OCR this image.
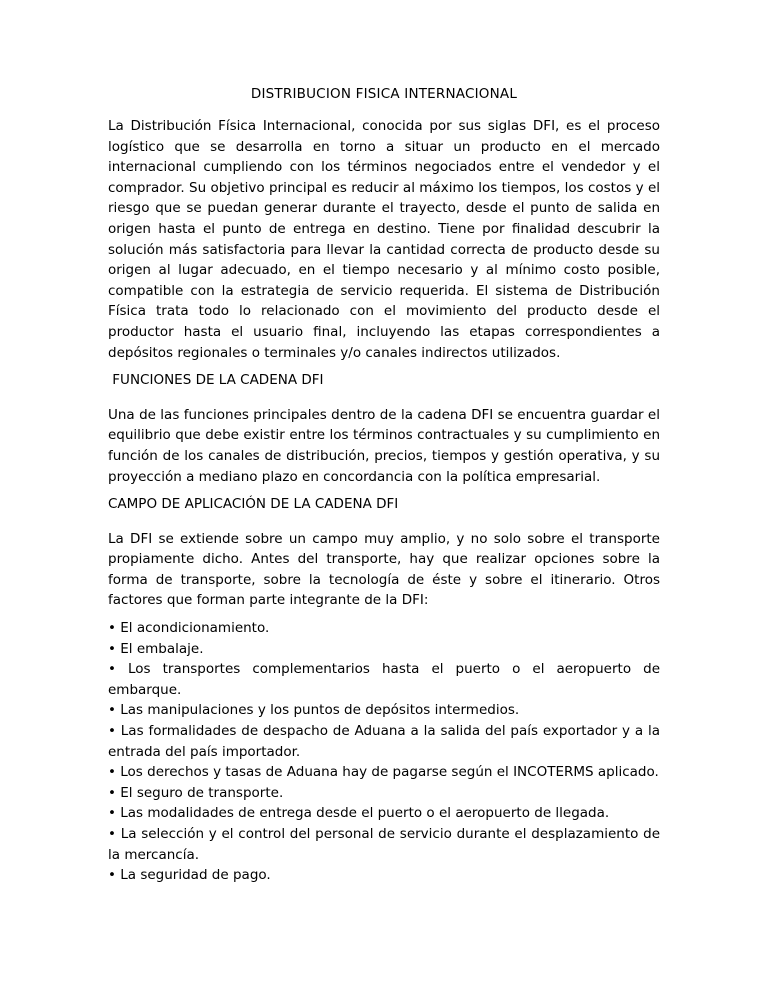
DISTRIBUCION FISICA INTERNACIONAL

La Distribución Física Internacional, conocida por sus siglas DFI, es el proceso logístico que se desarrolla en torno a situar un producto en el mercado internacional cumpliendo con los términos negociados entre el vendedor y el comprador. Su objetivo principal es reducir al máximo los tiempos, los costos y el riesgo que se puedan generar durante el trayecto, desde el punto de salida en origen hasta el punto de entrega en destino. Tiene por finalidad descubrir la solución más satisfactoria para llevar la cantidad correcta de producto desde su origen al lugar adecuado, en el tiempo necesario y al mínimo costo posible, compatible con la estrategia de servicio requerida. El sistema de Distribución Física trata todo lo relacionado con el movimiento del producto desde el productor hasta el usuario final, incluyendo las etapas correspondientes a depósitos regionales o terminales y/o canales indirectos utilizados.

FUNCIONES DE LA CADENA DFI

Una de las funciones principales dentro de la cadena DFI se encuentra guardar el equilibrio que debe existir entre los términos contractuales y su cumplimiento en función de los canales de distribución, precios, tiempos y gestión operativa, y su proyección a mediano plazo en concordancia con la política empresarial.

CAMPO DE APLICACIÓN DE LA CADENA DFI

La DFI se extiende sobre un campo muy amplio, y no solo sobre el transporte propiamente dicho. Antes del transporte, hay que realizar opciones sobre la forma de transporte, sobre la tecnología de éste y sobre el itinerario. Otros factores que forman parte integrante de la DFI:

• El acondicionamiento.
• El embalaje.
• Los transportes complementarios hasta el puerto o el aeropuerto de embarque.
• Las manipulaciones y los puntos de depósitos intermedios.
• Las formalidades de despacho de Aduana a la salida del país exportador y a la entrada del país importador.
• Los derechos y tasas de Aduana hay de pagarse según el INCOTERMS aplicado.
• El seguro de transporte.
• Las modalidades de entrega desde el puerto o el aeropuerto de llegada.
• La selección y el control del personal de servicio durante el desplazamiento de la mercancía.
• La seguridad de pago.
